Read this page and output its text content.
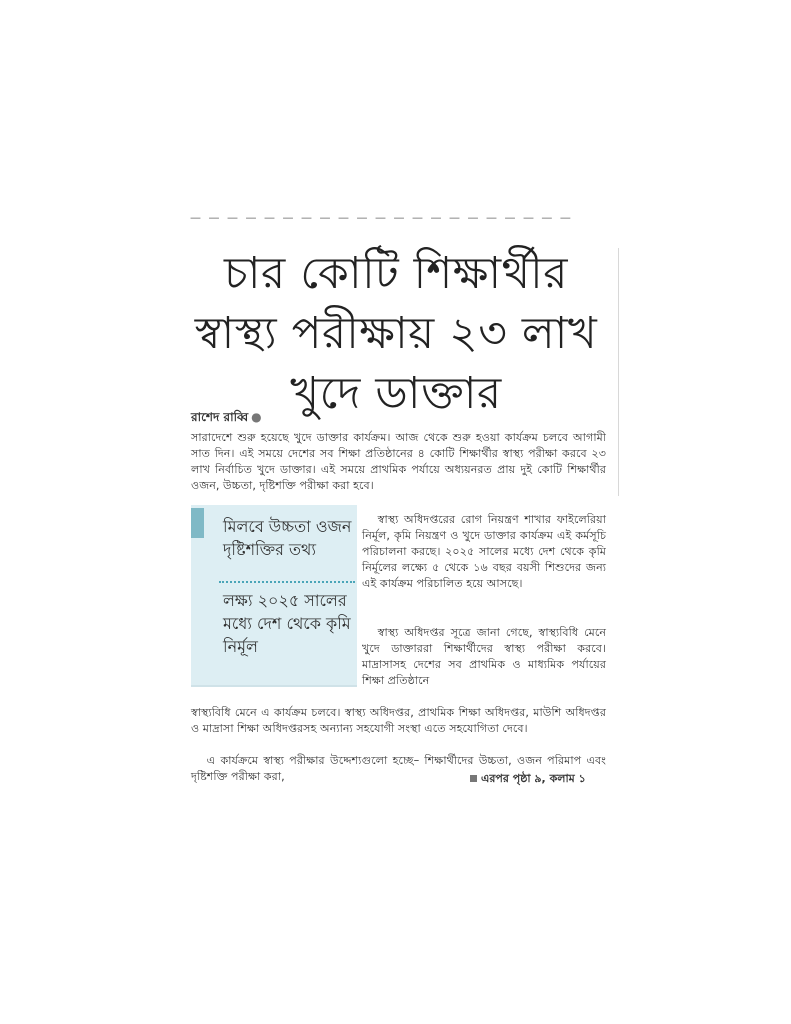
— — — — — — — — — — — — — — — — — — — — —
চার কোটি শিক্ষার্থীর
স্বাস্থ্য পরীক্ষায় ২৩ লাখ
খুদে ডাক্তার
রাশেদ রাব্বি ●

সারাদেশে শুরু হয়েছে খুদে ডাক্তার কার্যক্রম। আজ থেকে শুরু হওয়া কার্যক্রম চলবে আগামী সাত দিন। এই সময়ে দেশের সব শিক্ষা প্রতিষ্ঠানের ৪ কোটি শিক্ষার্থীর স্বাস্থ্য পরীক্ষা করবে ২৩ লাখ নির্বাচিত খুদে ডাক্তার। এই সময়ে প্রাথমিক পর্যায়ে অধ্যয়নরত প্রায় দুই কোটি শিক্ষার্থীর ওজন, উচ্চতা, দৃষ্টিশক্তি পরীক্ষা করা হবে।

মিলবে উচ্চতা ওজন দৃষ্টিশক্তির তথ্য

লক্ষ্য ২০২৫ সালের মধ্যে দেশ থেকে কৃমি নির্মূল

স্বাস্থ্য অধিদপ্তরের রোগ নিয়ন্ত্রণ শাখার ফাইলেরিয়া নির্মূল, কৃমি নিয়ন্ত্রণ ও খুদে ডাক্তার কার্যক্রম এই কর্মসূচি পরিচালনা করছে। ২০২৫ সালের মধ্যে দেশ থেকে কৃমি নির্মূলের লক্ষ্যে ৫ থেকে ১৬ বছর বয়সী শিশুদের জন্য এই কার্যক্রম পরিচালিত হয়ে আসছে।

স্বাস্থ্য অধিদপ্তর সূত্রে জানা গেছে, স্বাস্থ্যবিধি মেনে খুদে ডাক্তাররা শিক্ষার্থীদের স্বাস্থ্য পরীক্ষা করবে। মাদ্রাসাসহ দেশের সব প্রাথমিক ও মাধ্যমিক পর্যায়ের শিক্ষা প্রতিষ্ঠানে

স্বাস্থ্যবিধি মেনে এ কার্যক্রম চলবে। স্বাস্থ্য অধিদপ্তর, প্রাথমিক শিক্ষা অধিদপ্তর, মাউশি অধিদপ্তর ও মাদ্রাসা শিক্ষা অধিদপ্তরসহ অন্যান্য সহযোগী সংস্থা এতে সহযোগিতা দেবে।

এ কার্যক্রমে স্বাস্থ্য পরীক্ষার উদ্দেশ্যগুলো হচ্ছে– শিক্ষার্থীদের উচ্চতা, ওজন পরিমাপ এবং দৃষ্টিশক্তি পরীক্ষা করা,	এরপর পৃষ্ঠা ৯, কলাম ১
